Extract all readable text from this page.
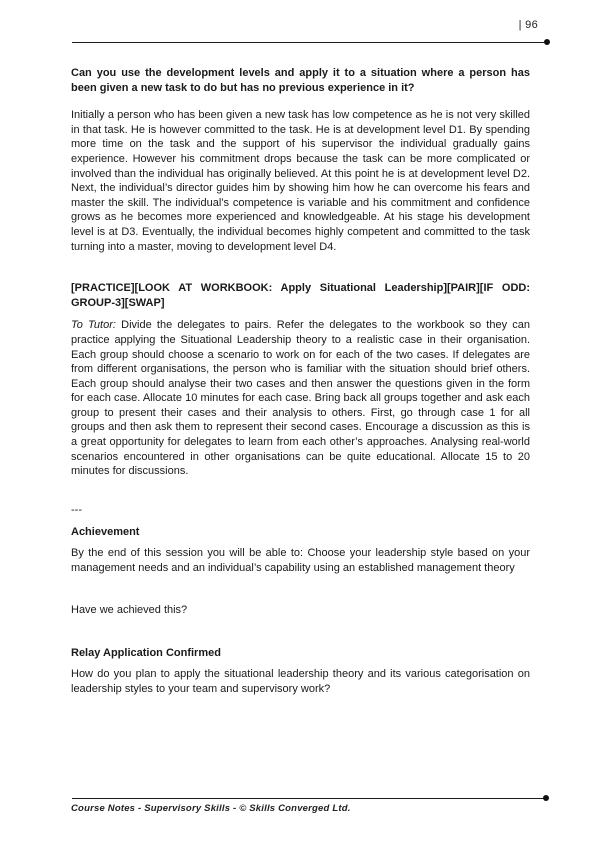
| 96

Can you use the development levels and apply it to a situation where a person has been given a new task to do but has no previous experience in it?

Initially a person who has been given a new task has low competence as he is not very skilled in that task. He is however committed to the task. He is at development level D1. By spending more time on the task and the support of his supervisor the individual gradually gains experience. However his commitment drops because the task can be more complicated or involved than the individual has originally believed. At this point he is at development level D2. Next, the individual’s director guides him by showing him how he can overcome his fears and master the skill. The individual’s competence is variable and his commitment and confidence grows as he becomes more experienced and knowledgeable. At his stage his development level is at D3. Eventually, the individual becomes highly competent and committed to the task turning into a master, moving to development level D4.

[PRACTICE][LOOK AT WORKBOOK: Apply Situational Leadership][PAIR][IF ODD: GROUP-3][SWAP]

To Tutor: Divide the delegates to pairs. Refer the delegates to the workbook so they can practice applying the Situational Leadership theory to a realistic case in their organisation. Each group should choose a scenario to work on for each of the two cases. If delegates are from different organisations, the person who is familiar with the situation should brief others. Each group should analyse their two cases and then answer the questions given in the form for each case. Allocate 10 minutes for each case. Bring back all groups together and ask each group to present their cases and their analysis to others. First, go through case 1 for all groups and then ask them to represent their second cases. Encourage a discussion as this is a great opportunity for delegates to learn from each other’s approaches. Analysing real-world scenarios encountered in other organisations can be quite educational. Allocate 15 to 20 minutes for discussions.

---

Achievement

By the end of this session you will be able to: Choose your leadership style based on your management needs and an individual’s capability using an established management theory

Have we achieved this?

Relay Application Confirmed

How do you plan to apply the situational leadership theory and its various categorisation on leadership styles to your team and supervisory work?

Course Notes - Supervisory Skills - © Skills Converged Ltd.
